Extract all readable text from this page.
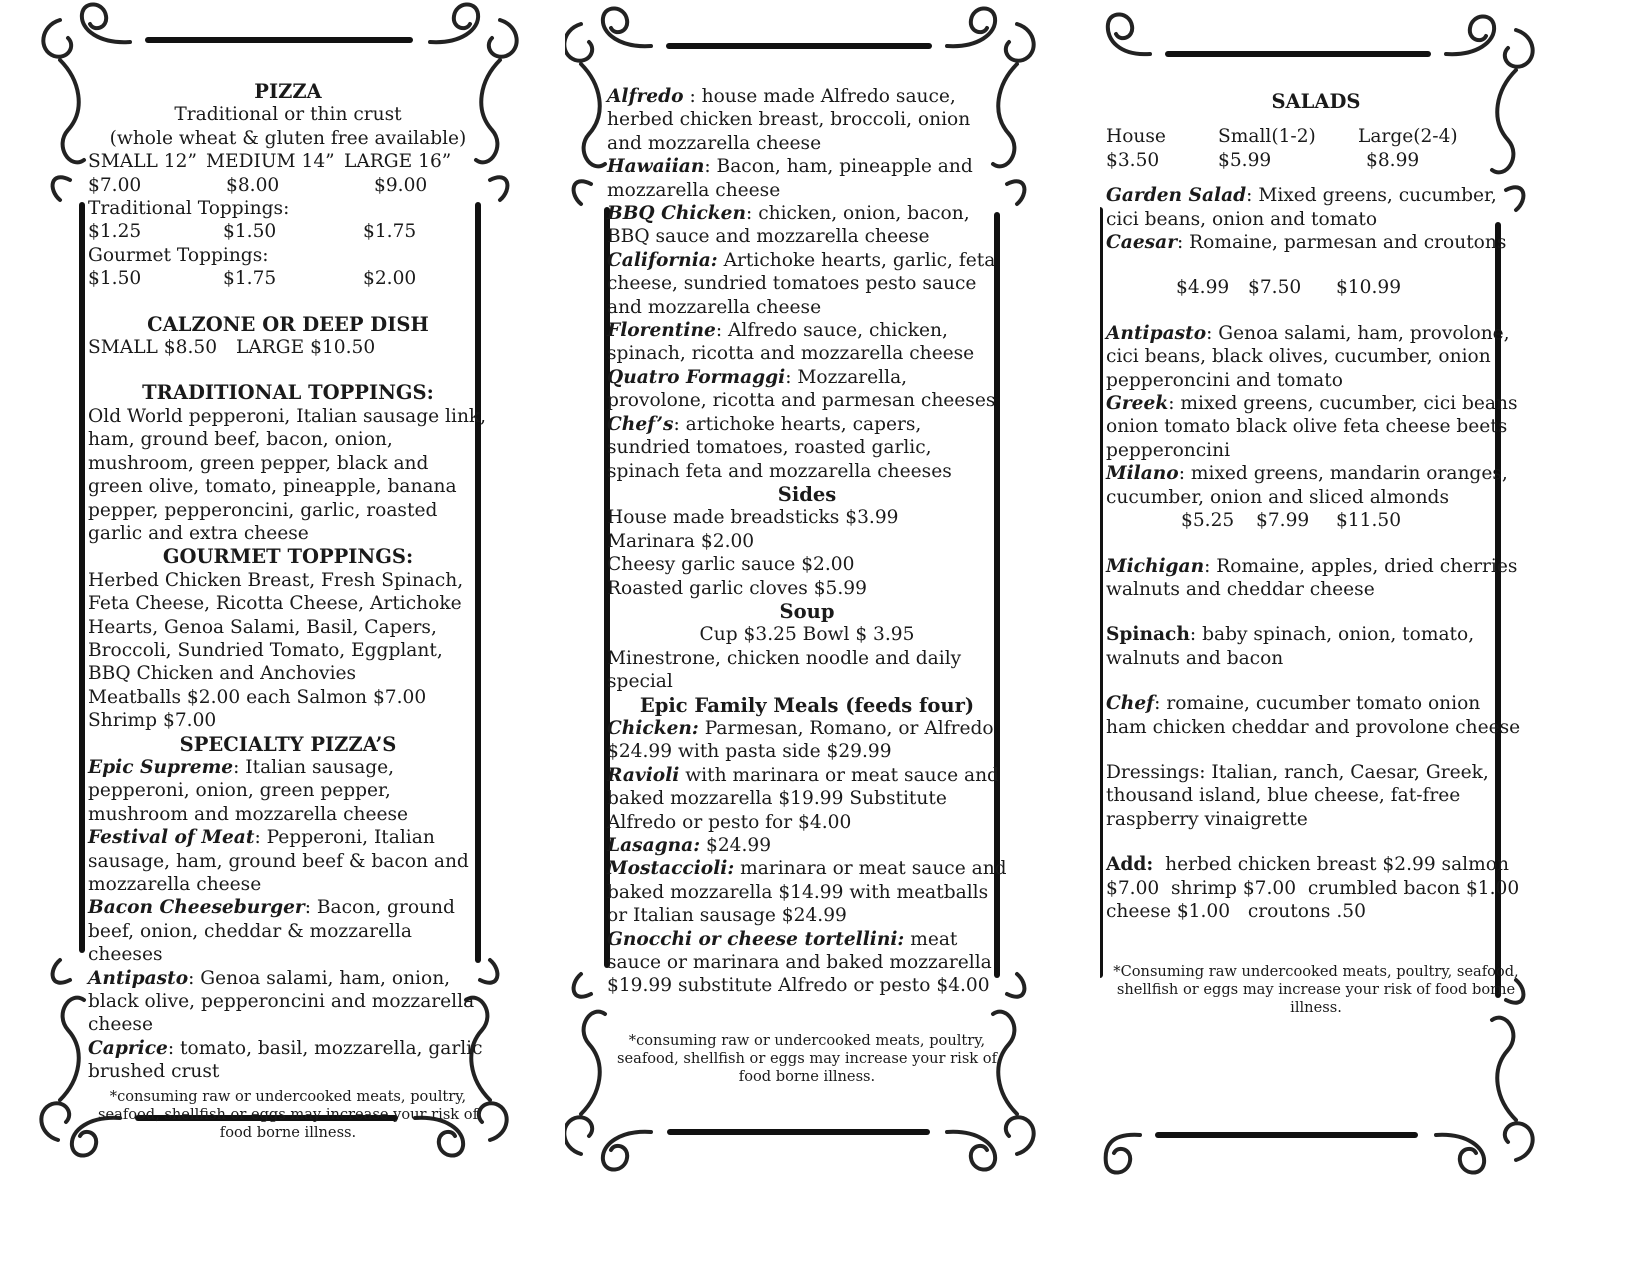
PIZZA
Traditional or thin crust
(whole wheat & gluten free available)
SMALL 12” MEDIUM 14” LARGE 16”
$7.00	$8.00	$9.00
Traditional Toppings:
$1.25	$1.50	$1.75
Gourmet Toppings:
$1.50	$1.75	$2.00
CALZONE OR DEEP DISH
SMALL $8.50	LARGE $10.50
TRADITIONAL TOPPINGS:
Old World pepperoni, Italian sausage link, ham, ground beef, bacon, onion, mushroom, green pepper, black and green olive, tomato, pineapple, banana pepper, pepperoncini, garlic, roasted garlic and extra cheese
GOURMET TOPPINGS:
Herbed Chicken Breast, Fresh Spinach, Feta Cheese, Ricotta Cheese, Artichoke Hearts, Genoa Salami, Basil, Capers, Broccoli, Sundried Tomato, Eggplant, BBQ Chicken and Anchovies
Meatballs $2.00 each Salmon $7.00
Shrimp $7.00
SPECIALTY PIZZA’S
Epic Supreme: Italian sausage, pepperoni, onion, green pepper, mushroom and mozzarella cheese
Festival of Meat: Pepperoni, Italian sausage, ham, ground beef & bacon and mozzarella cheese
Bacon Cheeseburger: Bacon, ground beef, onion, cheddar & mozzarella cheeses
Antipasto: Genoa salami, ham, onion, black olive, pepperoncini and mozzarella cheese
Caprice: tomato, basil, mozzarella, garlic brushed crust
*consuming raw or undercooked meats, poultry, seafood, shellfish or eggs may increase your risk of food borne illness.
Alfredo : house made Alfredo sauce, herbed chicken breast, broccoli, onion and mozzarella cheese
Hawaiian: Bacon, ham, pineapple and mozzarella cheese
BBQ Chicken: chicken, onion, bacon, BBQ sauce and mozzarella cheese
California: Artichoke hearts, garlic, feta cheese, sundried tomatoes pesto sauce and mozzarella cheese
Florentine: Alfredo sauce, chicken, spinach, ricotta and mozzarella cheese
Quatro Formaggi: Mozzarella, provolone, ricotta and parmesan cheeses
Chef’s: artichoke hearts, capers, sundried tomatoes, roasted garlic, spinach feta and mozzarella cheeses
Sides
House made breadsticks $3.99
Marinara $2.00
Cheesy garlic sauce $2.00
Roasted garlic cloves $5.99
Soup
Cup $3.25 Bowl $ 3.95
Minestrone, chicken noodle and daily special
Epic Family Meals (feeds four)
Chicken: Parmesan, Romano, or Alfredo $24.99 with pasta side $29.99
Ravioli with marinara or meat sauce and baked mozzarella $19.99 Substitute Alfredo or pesto for $4.00
Lasagna: $24.99
Mostaccioli: marinara or meat sauce and baked mozzarella $14.99 with meatballs or Italian sausage $24.99
Gnocchi or cheese tortellini: meat sauce or marinara and baked mozzarella $19.99 substitute Alfredo or pesto $4.00
*consuming raw or undercooked meats, poultry, seafood, shellfish or eggs may increase your risk of food borne illness.
SALADS
House	Small(1-2)	Large(2-4)
$3.50	$5.99	$8.99
Garden Salad: Mixed greens, cucumber, cici beans, onion and tomato
Caesar: Romaine, parmesan and croutons
$4.99	$7.50	$10.99
Antipasto: Genoa salami, ham, provolone, cici beans, black olives, cucumber, onion pepperoncini and tomato
Greek: mixed greens, cucumber, cici beans onion tomato black olive feta cheese beets pepperoncini
Milano: mixed greens, mandarin oranges, cucumber, onion and sliced almonds
$5.25	$7.99	$11.50
Michigan: Romaine, apples, dried cherries walnuts and cheddar cheese
Spinach: baby spinach, onion, tomato, walnuts and bacon
Chef: romaine, cucumber tomato onion ham chicken cheddar and provolone cheese
Dressings: Italian, ranch, Caesar, Greek, thousand island, blue cheese, fat-free raspberry vinaigrette
Add:  herbed chicken breast $2.99 salmon $7.00  shrimp $7.00  crumbled bacon $1.00   cheese $1.00   croutons .50
*Consuming raw undercooked meats, poultry, seafood, shellfish or eggs may increase your risk of food borne illness.
